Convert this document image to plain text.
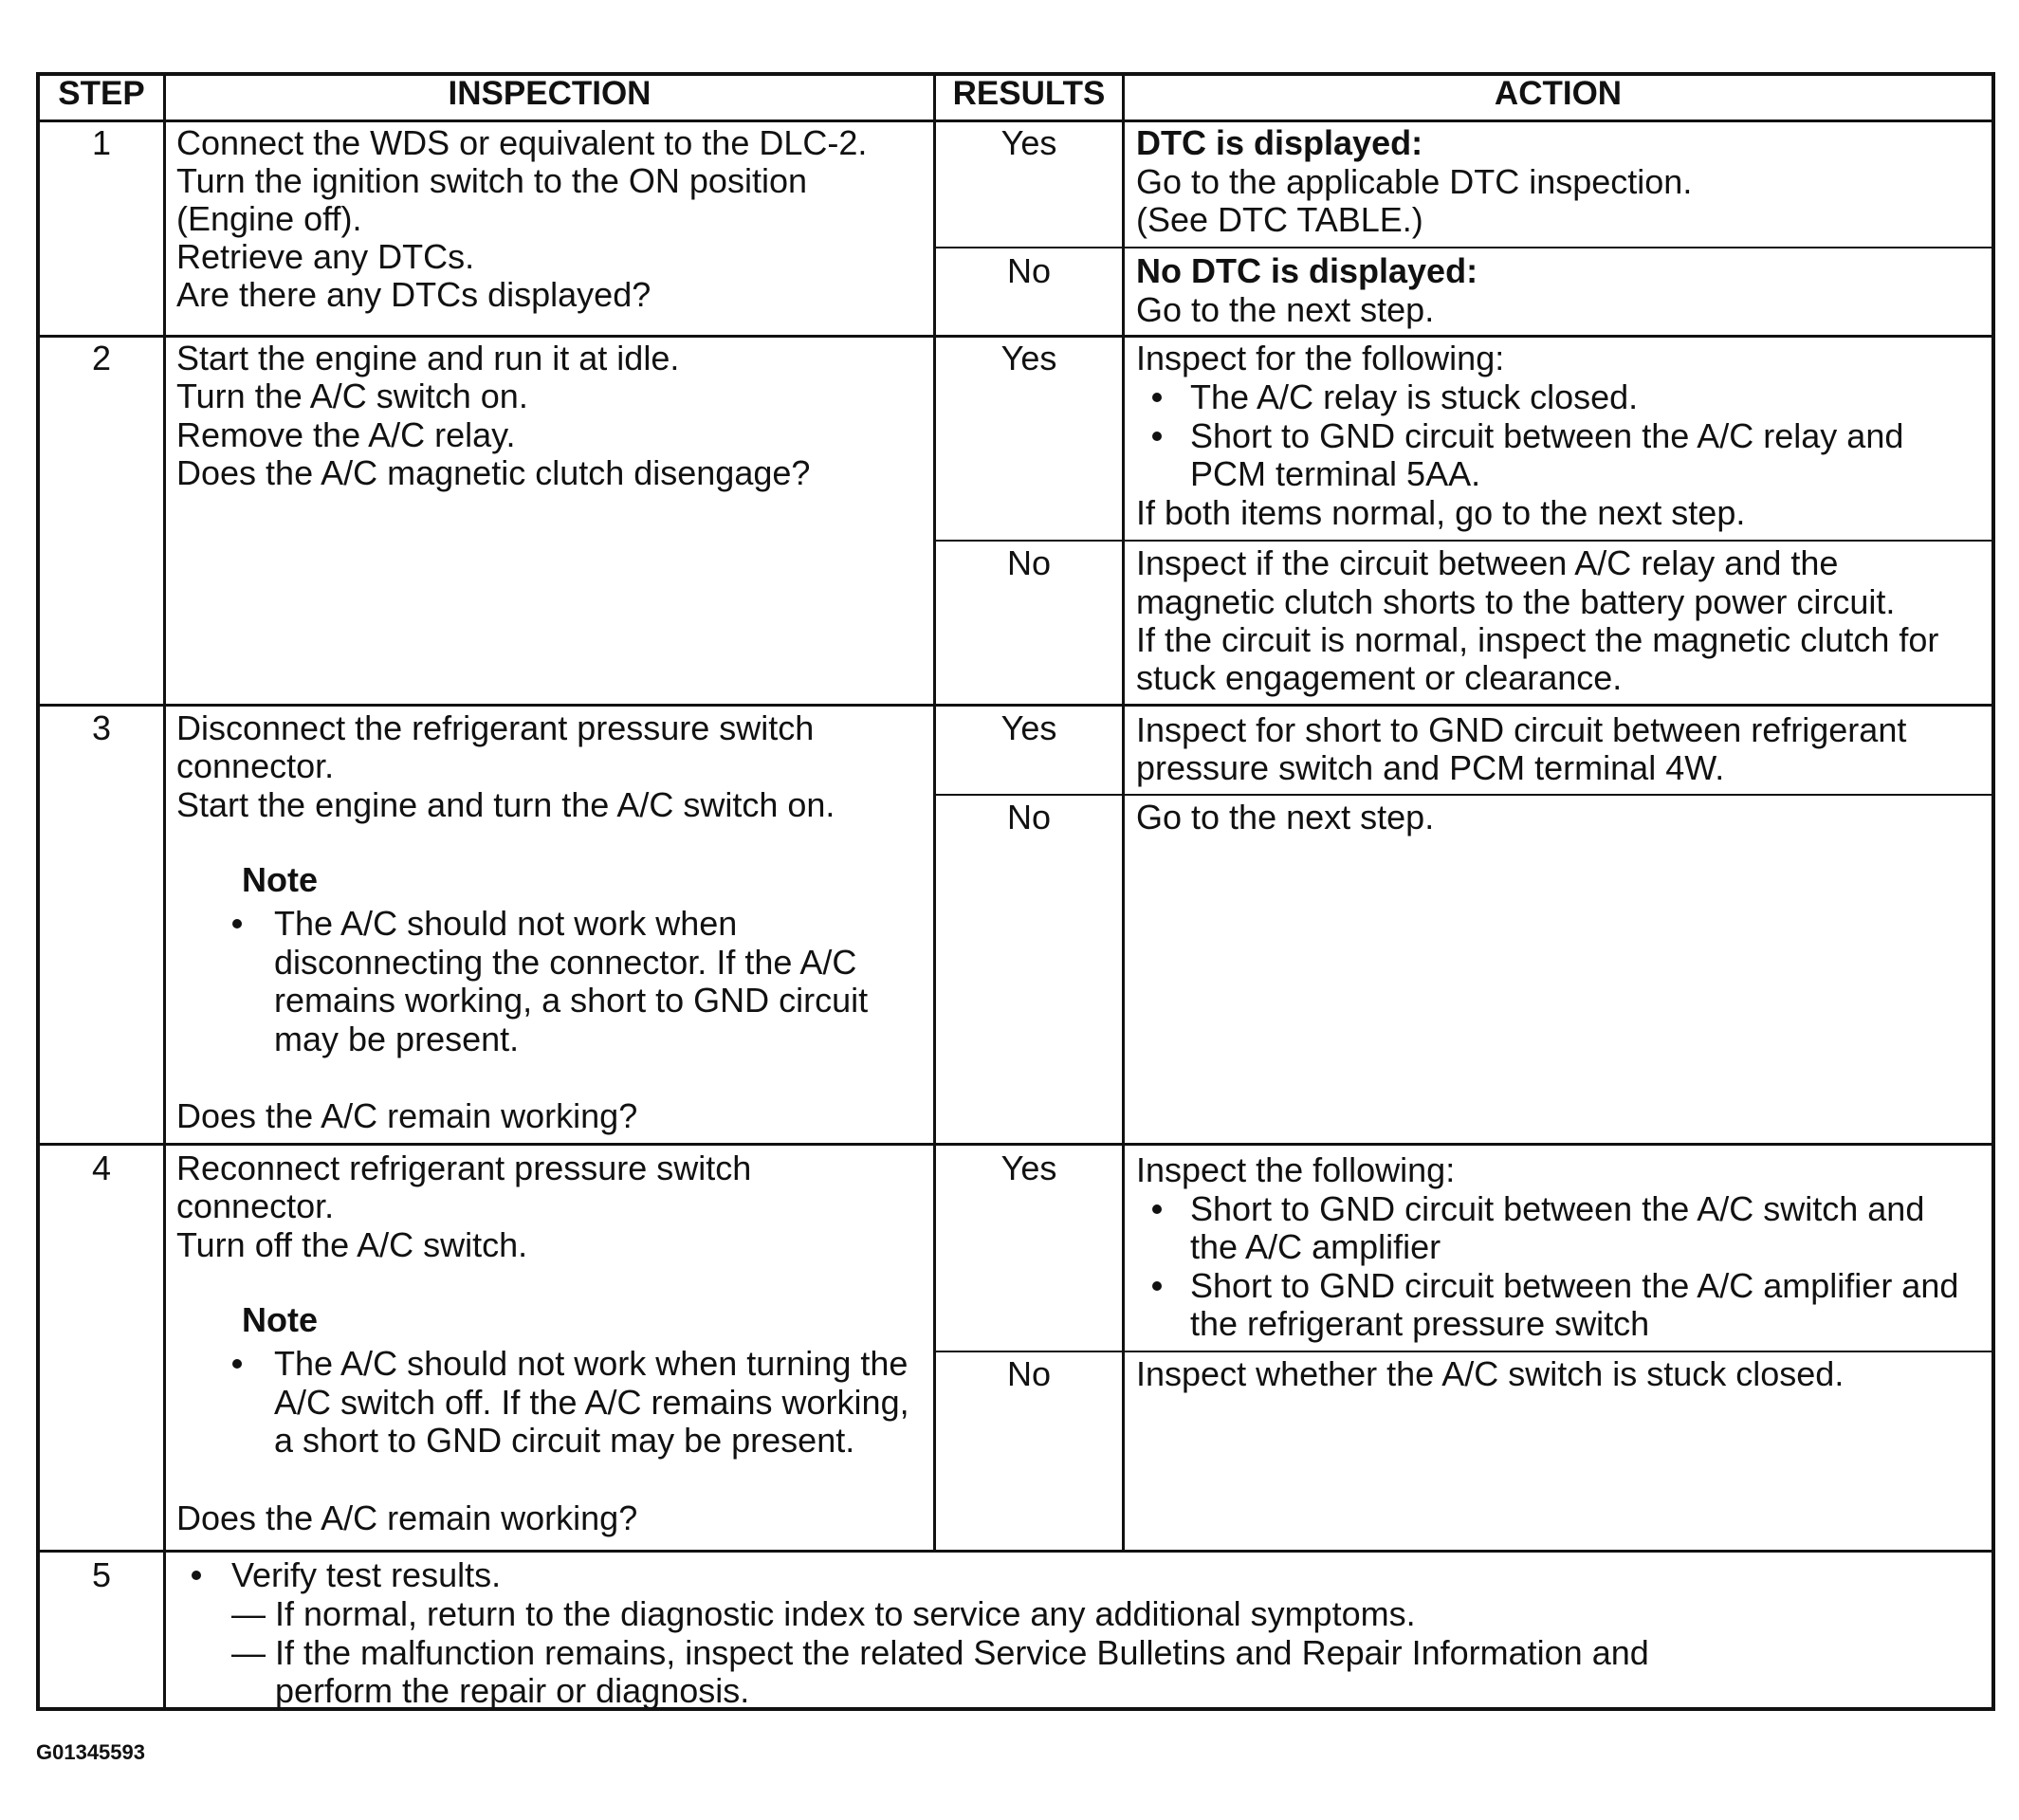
STEP	INSPECTION	RESULTS	ACTION
1	Connect the WDS or equivalent to the DLC-2.
Turn the ignition switch to the ON position
(Engine off).
Retrieve any DTCs.
Are there any DTCs displayed?
Yes	DTC is displayed:
Go to the applicable DTC inspection.
(See DTC TABLE.)
No	No DTC is displayed:
Go to the next step.
2	Start the engine and run it at idle.
Turn the A/C switch on.
Remove the A/C relay.
Does the A/C magnetic clutch disengage?
Yes	Inspect for the following:
The A/C relay is stuck closed.
Short to GND circuit between the A/C relay and
PCM terminal 5AA.
If both items normal, go to the next step.
No	Inspect if the circuit between A/C relay and the
magnetic clutch shorts to the battery power circuit.
If the circuit is normal, inspect the magnetic clutch for
stuck engagement or clearance.
3	Disconnect the refrigerant pressure switch
connector.
Start the engine and turn the A/C switch on.
Note
The A/C should not work when
disconnecting the connector. If the A/C
remains working, a short to GND circuit
may be present.
Does the A/C remain working?
Yes	Inspect for short to GND circuit between refrigerant
pressure switch and PCM terminal 4W.
No	Go to the next step.
4	Reconnect refrigerant pressure switch
connector.
Turn off the A/C switch.
Note
The A/C should not work when turning the
A/C switch off. If the A/C remains working,
a short to GND circuit may be present.
Does the A/C remain working?
Yes	Inspect the following:
Short to GND circuit between the A/C switch and
the A/C amplifier
Short to GND circuit between the A/C amplifier and
the refrigerant pressure switch
No	Inspect whether the A/C switch is stuck closed.
5	Verify test results.
— If normal, return to the diagnostic index to service any additional symptoms.
— If the malfunction remains, inspect the related Service Bulletins and Repair Information and
perform the repair or diagnosis.
G01345593
